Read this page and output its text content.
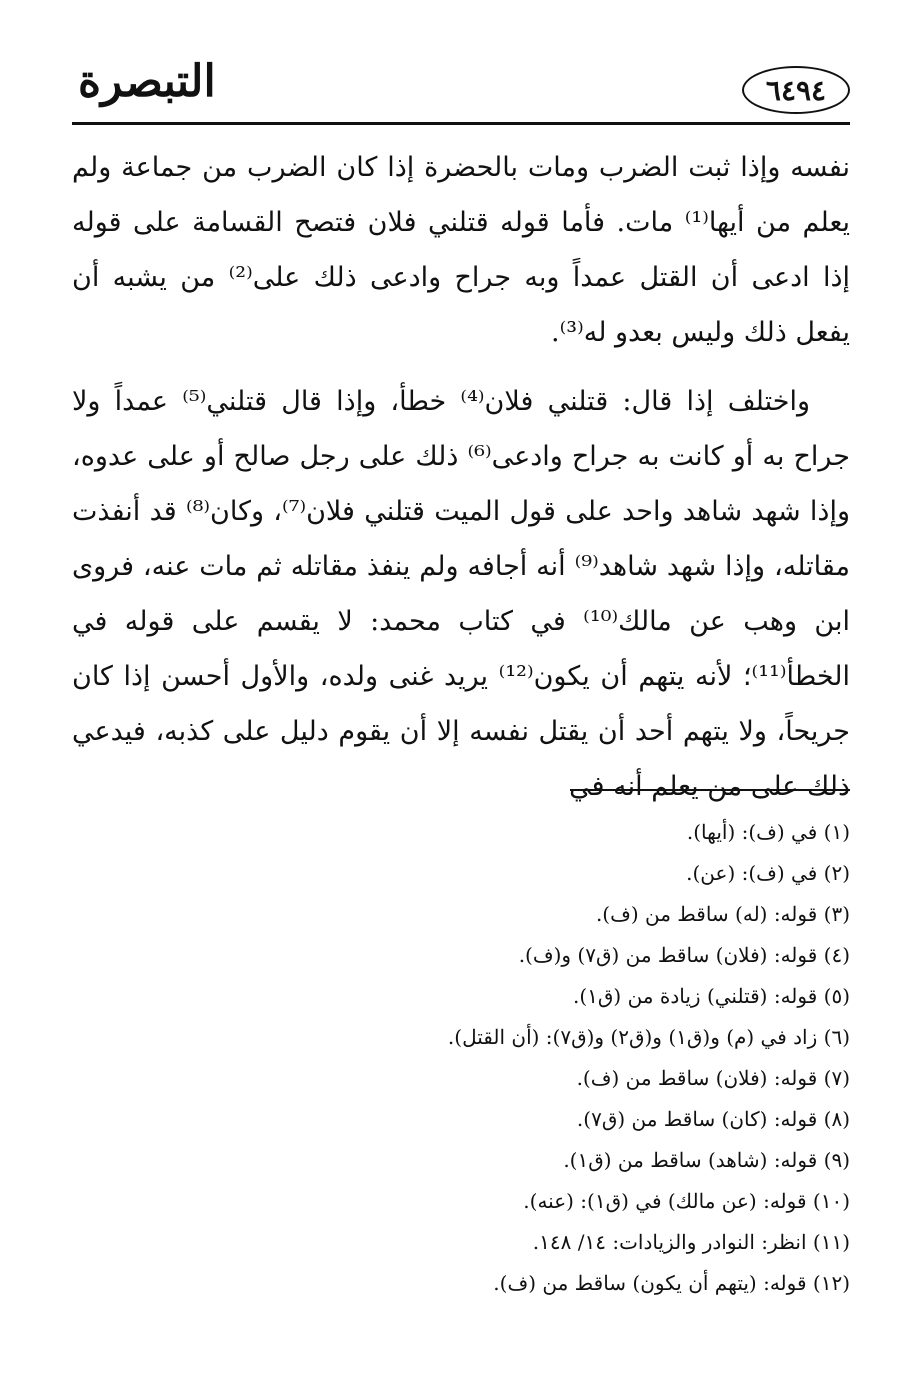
التبصرة	٦٤٩٤

نفسه وإذا ثبت الضرب ومات بالحضرة إذا كان الضرب من جماعة ولم يعلم من أيها⁽¹⁾ مات. فأما قوله قتلني فلان فتصح القسامة على قوله إذا ادعى أن القتل عمداً وبه جراح وادعى ذلك على⁽²⁾ من يشبه أن يفعل ذلك وليس بعدو له⁽³⁾.

واختلف إذا قال: قتلني فلان⁽⁴⁾ خطأ، وإذا قال قتلني⁽⁵⁾ عمداً ولا جراح به أو كانت به جراح وادعى⁽⁶⁾ ذلك على رجل صالح أو على عدوه، وإذا شهد شاهد واحد على قول الميت قتلني فلان⁽⁷⁾، وكان⁽⁸⁾ قد أنفذت مقاتله، وإذا شهد شاهد⁽⁹⁾ أنه أجافه ولم ينفذ مقاتله ثم مات عنه، فروى ابن وهب عن مالك⁽¹⁰⁾ في كتاب محمد: لا يقسم على قوله في الخطأ⁽¹¹⁾؛ لأنه يتهم أن يكون⁽¹²⁾ يريد غنى ولده، والأول أحسن إذا كان جريحاً، ولا يتهم أحد أن يقتل نفسه إلا أن يقوم دليل على كذبه، فيدعي ذلك على من يعلم أنه في

(١) في (ف): (أيها).
(٢) في (ف): (عن).
(٣) قوله: (له) ساقط من (ف).
(٤) قوله: (فلان) ساقط من (ق٧) و(ف).
(٥) قوله: (قتلني) زيادة من (ق١).
(٦) زاد في (م) و(ق١) و(ق٢) و(ق٧): (أن القتل).
(٧) قوله: (فلان) ساقط من (ف).
(٨) قوله: (كان) ساقط من (ق٧).
(٩) قوله: (شاهد) ساقط من (ق١).
(١٠) قوله: (عن مالك) في (ق١): (عنه).
(١١) انظر: النوادر والزيادات: ١٤/ ١٤٨.
(١٢) قوله: (يتهم أن يكون) ساقط من (ف).
